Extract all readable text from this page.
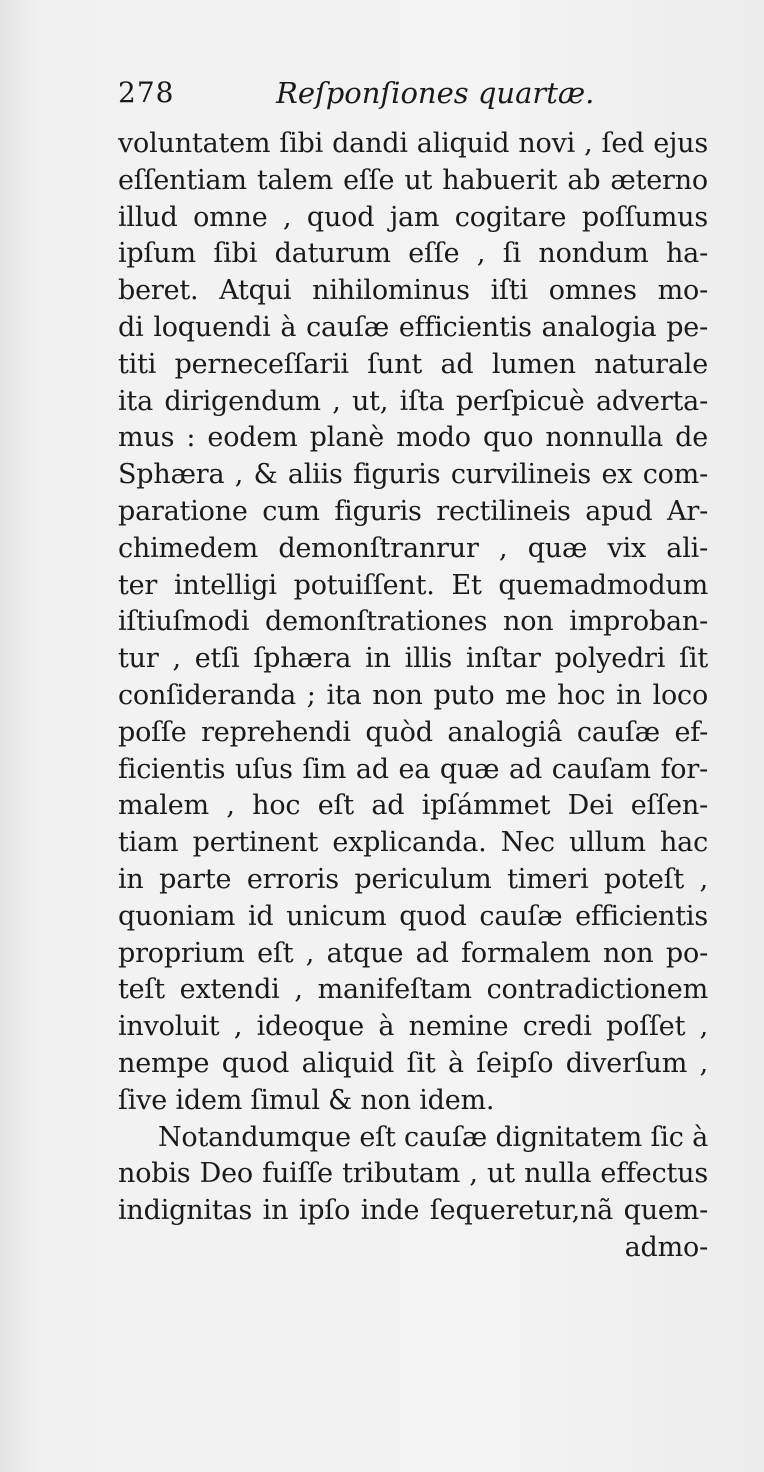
278	Reſponſiones quartæ.
voluntatem ſibi dandi aliquid novi , ſed ejus
eſſentiam talem eſſe ut habuerit ab æterno
illud omne , quod jam cogitare poſſumus
ipſum ſibi daturum eſſe , ſi nondum ha-
beret. Atqui nihilominus iſti omnes mo-
di loquendi à cauſæ efficientis analogia pe-
titi perneceſſarii ſunt ad lumen naturale
ita dirigendum , ut, iſta perſpicuè adverta-
mus : eodem planè modo quo nonnulla de
Sphæra , & aliis figuris curvilineis ex com-
paratione cum figuris rectilineis apud Ar-
chimedem demonſtranrur , quæ vix ali-
ter intelligi potuiſſent. Et quemadmodum
iſtiuſmodi demonſtrationes non improban-
tur , etſi ſphæra in illis inſtar polyedri ſit
conſideranda ; ita non puto me hoc in loco
poſſe reprehendi quòd analogiâ cauſæ ef-
ficientis uſus ſim ad ea quæ ad cauſam for-
malem , hoc eſt ad ipſámmet Dei eſſen-
tiam pertinent explicanda. Nec ullum hac
in parte erroris periculum timeri poteſt ,
quoniam id unicum quod cauſæ efficientis
proprium eſt , atque ad formalem non po-
teſt extendi , manifeſtam contradictionem
involuit , ideoque à nemine credi poſſet ,
nempe quod aliquid ſit à ſeipſo diverſum ,
ſive idem ſimul & non idem.
Notandumque eſt cauſæ dignitatem ſic à
nobis Deo fuiſſe tributam , ut nulla effectus
indignitas in ipſo inde ſequeretur,nã quem-
admo-
